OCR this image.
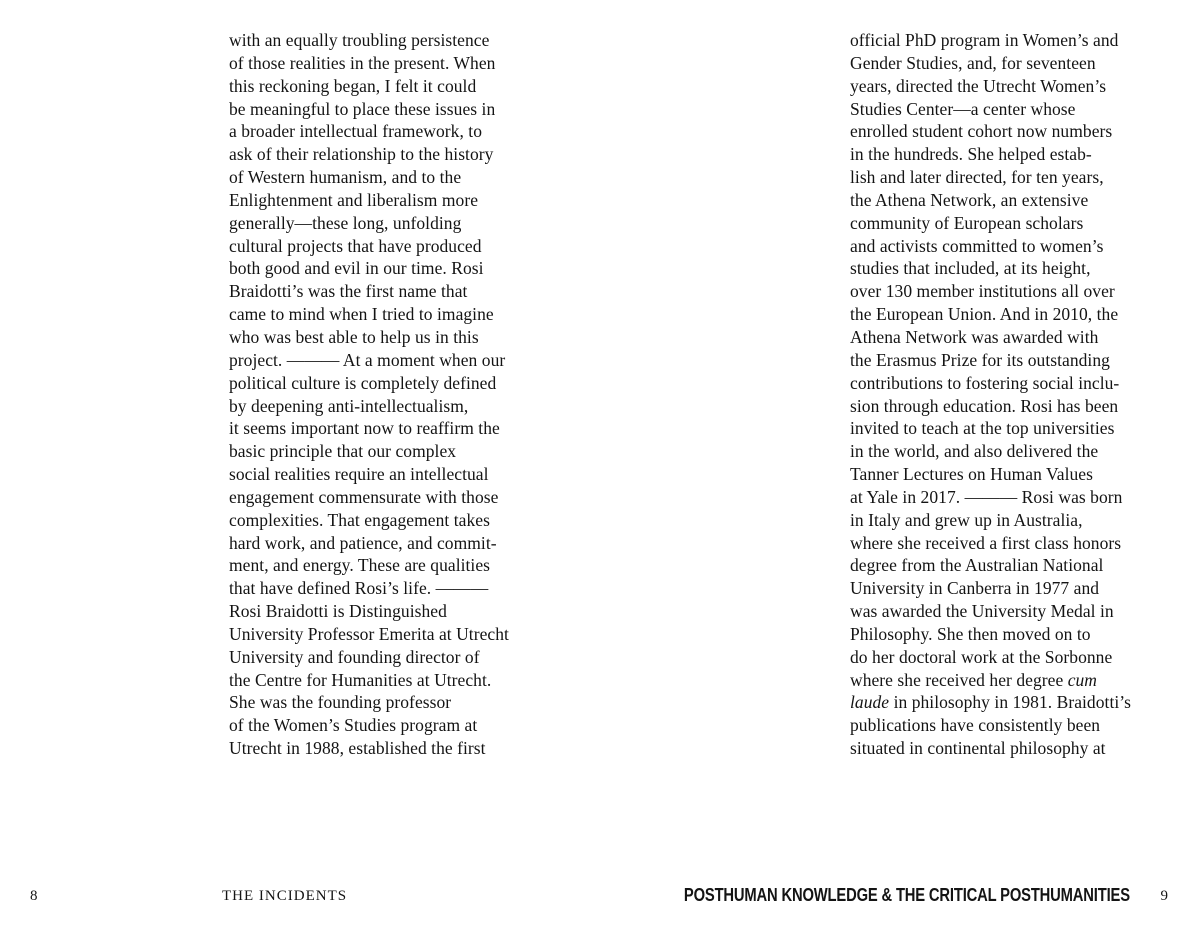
with an equally troubling persistence
of those realities in the present. When
this reckoning began, I felt it could
be meaningful to place these issues in
a broader intellectual framework, to
ask of their relationship to the history
of Western humanism, and to the
Enlightenment and liberalism more
generally—these long, unfolding
cultural projects that have produced
both good and evil in our time. Rosi
Braidotti’s was the first name that
came to mind when I tried to imagine
who was best able to help us in this
project. ——— At a moment when our
political culture is completely defined
by deepening anti-intellectualism,
it seems important now to reaffirm the
basic principle that our complex
social realities require an intellectual
engagement commensurate with those
complexities. That engagement takes
hard work, and patience, and commit-
ment, and energy. These are qualities
that have defined Rosi’s life. ———
Rosi Braidotti is Distinguished
University Professor Emerita at Utrecht
University and founding director of
the Centre for Humanities at Utrecht.
She was the founding professor
of the Women’s Studies program at
Utrecht in 1988, established the first
8	THE INCIDENTS
official PhD program in Women’s and
Gender Studies, and, for seventeen
years, directed the Utrecht Women’s
Studies Center—a center whose
enrolled student cohort now numbers
in the hundreds. She helped estab-
lish and later directed, for ten years,
the Athena Network, an extensive
community of European scholars
and activists committed to women’s
studies that included, at its height,
over 130 member institutions all over
the European Union. And in 2010, the
Athena Network was awarded with
the Erasmus Prize for its outstanding
contributions to fostering social inclu-
sion through education. Rosi has been
invited to teach at the top universities
in the world, and also delivered the
Tanner Lectures on Human Values
at Yale in 2017. ——— Rosi was born
in Italy and grew up in Australia,
where she received a first class honors
degree from the Australian National
University in Canberra in 1977 and
was awarded the University Medal in
Philosophy. She then moved on to
do her doctoral work at the Sorbonne
where she received her degree cum
laude in philosophy in 1981. Braidotti’s
publications have consistently been
situated in continental philosophy at
POSTHUMAN KNOWLEDGE & THE CRITICAL POSTHUMANITIES 9
